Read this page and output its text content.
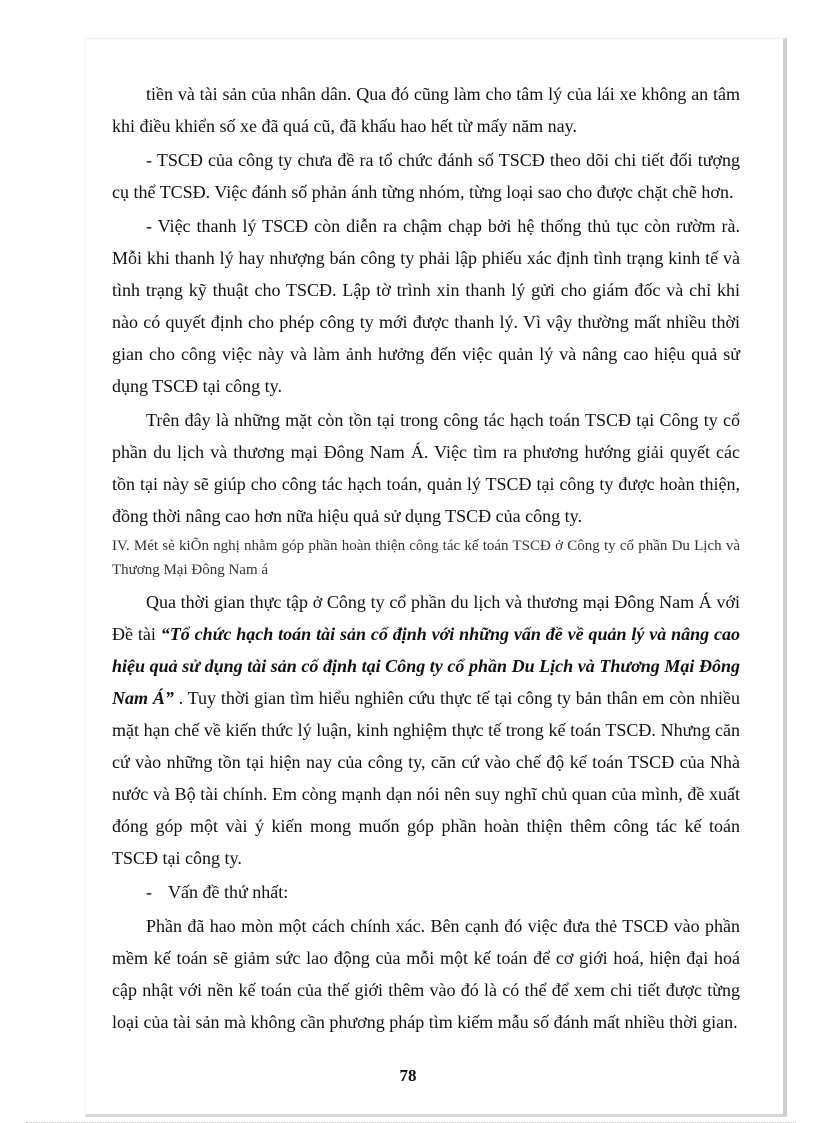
tiền và tài sản của nhân dân. Qua đó cũng làm cho tâm lý của lái xe không an tâm khi điều khiển số xe đã quá cũ, đã khấu hao hết từ mấy năm nay.

- TSCĐ của công ty chưa đề ra tổ chức đánh số TSCĐ theo dõi chi tiết đối tượng cụ thể TCSĐ. Việc đánh số phản ánh từng nhóm, từng loại sao cho được chặt chẽ hơn.

- Việc thanh lý TSCĐ còn diễn ra chậm chạp bởi hệ thống thủ tục còn rườm rà. Mỗi khi thanh lý hay nhượng bán công ty phải lập phiếu xác định tình trạng kinh tế và tình trạng kỹ thuật cho TSCĐ. Lập tờ trình xin thanh lý gửi cho giám đốc và chỉ khi nào có quyết định cho phép công ty mới được thanh lý. Vì vậy thường mất nhiều thời gian cho công việc này và làm ảnh hưởng đến việc quản lý và nâng cao hiệu quả sử dụng TSCĐ tại công ty.

Trên đây là những mặt còn tồn tại trong công tác hạch toán TSCĐ tại Công ty cổ phần du lịch và thương mại Đông Nam Á. Việc tìm ra phương hướng giải quyết các tồn tại này sẽ giúp cho công tác hạch toán, quản lý TSCĐ tại công ty được hoàn thiện, đồng thời nâng cao hơn nữa hiệu quả sử dụng TSCĐ của công ty.

IV. Mét sè kiÕn nghị nhằm góp phần hoàn thiện công tác kế toán TSCĐ ở Công ty cổ phần Du Lịch và Thương Mại Đông Nam á

Qua thời gian thực tập ở Công ty cổ phần du lịch và thương mại Đông Nam Á với Đề tài “Tổ chức hạch toán tài sản cố định với những vấn đề về quản lý và nâng cao hiệu quả sử dụng tài sản cố định tại Công ty cổ phần Du Lịch và Thương Mại Đông Nam Á” . Tuy thời gian tìm hiểu nghiên cứu thực tế tại công ty bản thân em còn nhiều mặt hạn chế về kiến thức lý luận, kinh nghiệm thực tế trong kế toán TSCĐ. Nhưng căn cứ vào những tồn tại hiện nay của công ty, căn cứ vào chế độ kế toán TSCĐ của Nhà nước và Bộ tài chính. Em còng mạnh dạn nói nên suy nghĩ chủ quan của mình, đề xuất đóng góp một vài ý kiến mong muốn góp phần hoàn thiện thêm công tác kế toán TSCĐ tại công ty.

- Vấn đề thứ nhất:

Phần đã hao mòn một cách chính xác. Bên cạnh đó việc đưa thẻ TSCĐ vào phần mềm kế toán sẽ giảm sức lao động của mỗi một kế toán để cơ giới hoá, hiện đại hoá cập nhật với nền kế toán của thế giới thêm vào đó là có thể để xem chi tiết được từng loại của tài sản mà không cần phương pháp tìm kiếm mẫu số đánh mất nhiều thời gian.

78
